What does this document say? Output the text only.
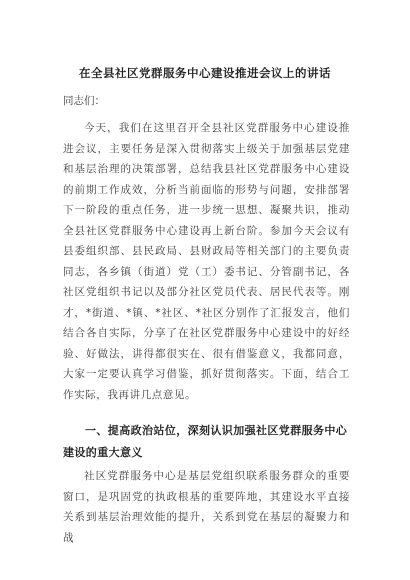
在全县社区党群服务中心建设推进会议上的讲话
同志们：

今天，我们在这里召开全县社区党群服务中心建设推进会议，主要任务是深入贯彻落实上级关于加强基层党建和基层治理的决策部署，总结我县社区党群服务中心建设的前期工作成效，分析当前面临的形势与问题，安排部署下一阶段的重点任务，进一步统一思想、凝聚共识，推动全县社区党群服务中心建设再上新台阶。参加今天会议有县委组织部、县民政局、县财政局等相关部门的主要负责同志，各乡镇（街道）党（工）委书记、分管副书记，各社区党组织书记以及部分社区党员代表、居民代表等。刚才，*街道、*镇、*社区、*社区分别作了汇报发言，他们结合各自实际，分享了在社区党群服务中心建设中的好经验、好做法，讲得都很实在、很有借鉴意义，我都同意，大家一定要认真学习借鉴，抓好贯彻落实。下面，结合工作实际，我再讲几点意见。

一、提高政治站位，深刻认识加强社区党群服务中心建设的重大意义

社区党群服务中心是基层党组织联系服务群众的重要窗口，是巩固党的执政根基的重要阵地，其建设水平直接关系到基层治理效能的提升，关系到党在基层的凝聚力和战
